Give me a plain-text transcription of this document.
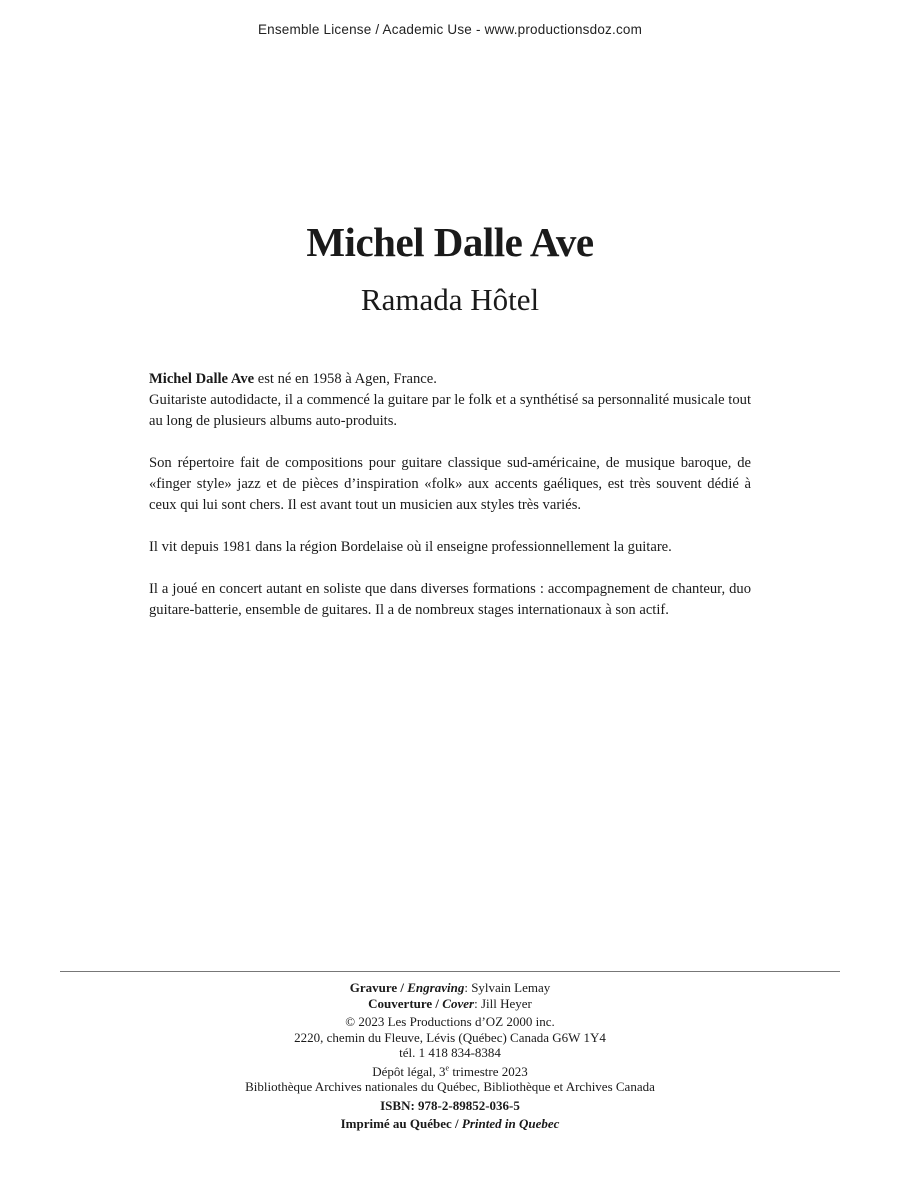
Ensemble License / Academic Use - www.productionsdoz.com
Michel Dalle Ave
Ramada Hôtel

Michel Dalle Ave est né en 1958 à Agen, France.
Guitariste autodidacte, il a commencé la guitare par le folk et a synthétisé sa personnalité musicale tout au long de plusieurs albums auto-produits.

Son répertoire fait de compositions pour guitare classique sud-américaine, de musique baroque, de «finger style» jazz et de pièces d’inspiration «folk» aux accents gaéliques, est très souvent dédié à ceux qui lui sont chers. Il est avant tout un musicien aux styles très variés.

Il vit depuis 1981 dans la région Bordelaise où il enseigne professionnellement la guitare.

Il a joué en concert autant en soliste que dans diverses formations : accompagnement de chanteur, duo guitare-batterie, ensemble de guitares. Il a de nombreux stages internationaux à son actif.

Gravure / Engraving: Sylvain Lemay
Couverture / Cover: Jill Heyer
© 2023 Les Productions d’OZ 2000 inc.
2220, chemin du Fleuve, Lévis (Québec) Canada G6W 1Y4
tél. 1 418 834-8384
Dépôt légal, 3e trimestre 2023
Bibliothèque Archives nationales du Québec, Bibliothèque et Archives Canada
ISBN: 978-2-89852-036-5
Imprimé au Québec / Printed in Quebec
